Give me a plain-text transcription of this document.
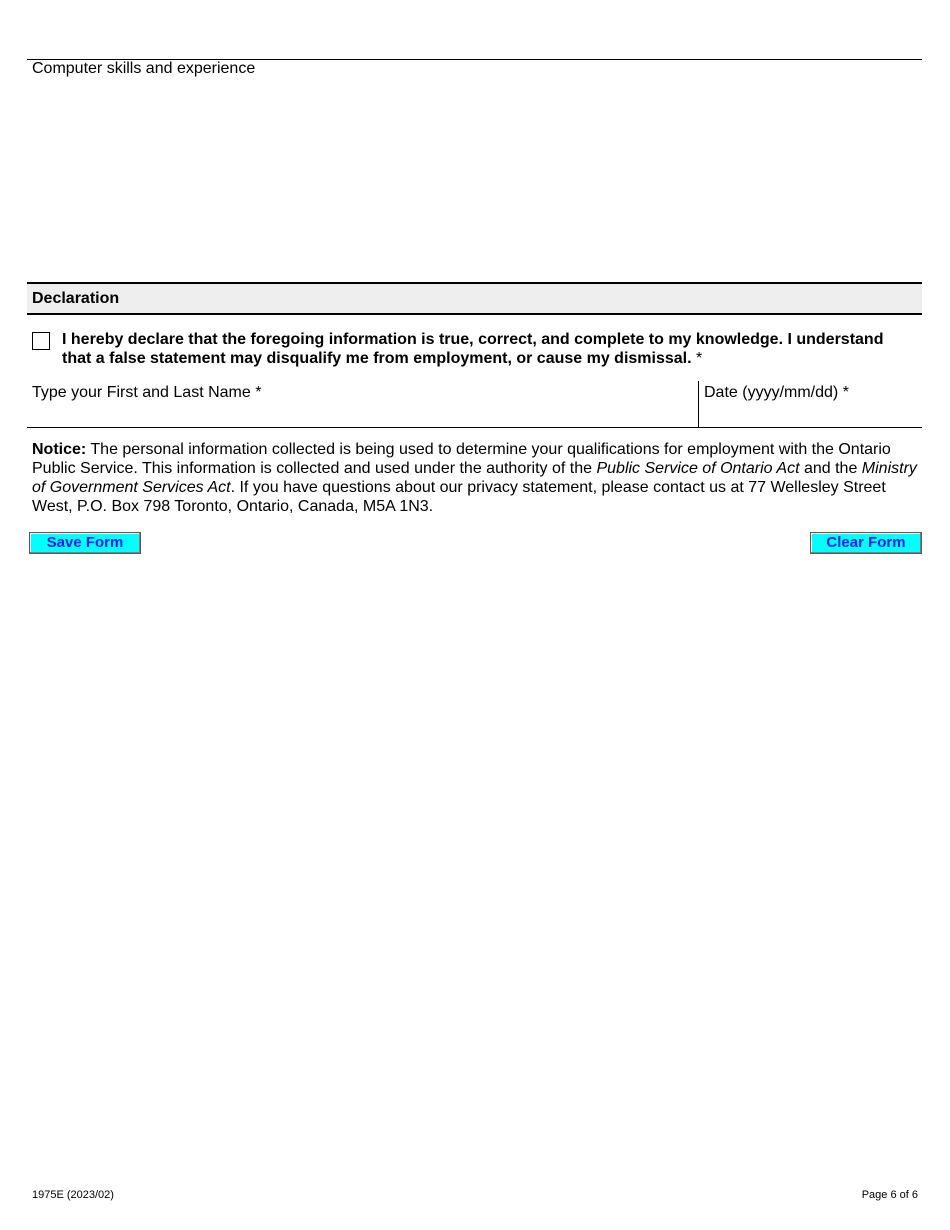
Computer skills and experience
Declaration
I hereby declare that the foregoing information is true, correct, and complete to my knowledge. I understand that a false statement may disqualify me from employment, or cause my dismissal. *
Type your First and Last Name *	Date (yyyy/mm/dd) *
Notice: The personal information collected is being used to determine your qualifications for employment with the Ontario Public Service. This information is collected and used under the authority of the Public Service of Ontario Act and the Ministry of Government Services Act. If you have questions about our privacy statement, please contact us at 77 Wellesley Street West, P.O. Box 798 Toronto, Ontario, Canada, M5A 1N3.
Save Form	Clear Form
1975E (2023/02)	Page 6 of 6
